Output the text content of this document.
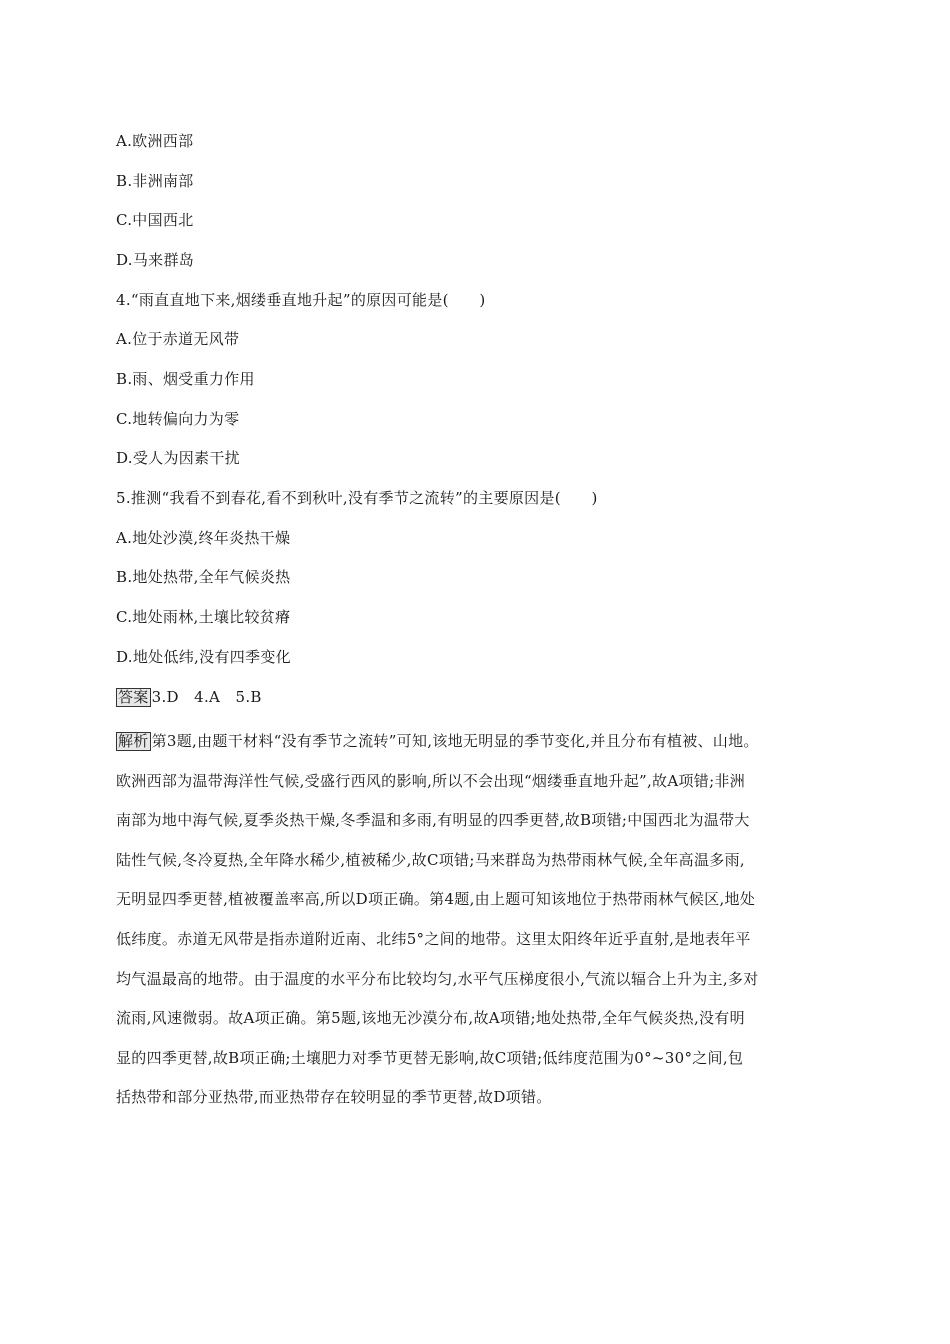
A.欧洲西部
B.非洲南部
C.中国西北
D.马来群岛
4.“雨直直地下来,烟缕垂直地升起”的原因可能是(　　)
A.位于赤道无风带
B.雨、烟受重力作用
C.地转偏向力为零
D.受人为因素干扰
5.推测“我看不到春花,看不到秋叶,没有季节之流转”的主要原因是(　　)
A.地处沙漠,终年炎热干燥
B.地处热带,全年气候炎热
C.地处雨林,土壤比较贫瘠
D.地处低纬,没有四季变化
答案 3.D　4.A　5.B

解析 第3题,由题干材料“没有季节之流转”可知,该地无明显的季节变化,并且分布有植被、山地。

欧洲西部为温带海洋性气候,受盛行西风的影响,所以不会出现“烟缕垂直地升起”,故A项错;非洲

南部为地中海气候,夏季炎热干燥,冬季温和多雨,有明显的四季更替,故B项错;中国西北为温带大

陆性气候,冬冷夏热,全年降水稀少,植被稀少,故C项错;马来群岛为热带雨林气候,全年高温多雨,

无明显四季更替,植被覆盖率高,所以D项正确。第4题,由上题可知该地位于热带雨林气候区,地处

低纬度。赤道无风带是指赤道附近南、北纬5°之间的地带。这里太阳终年近乎直射,是地表年平

均气温最高的地带。由于温度的水平分布比较均匀,水平气压梯度很小,气流以辐合上升为主,多对

流雨,风速微弱。故A项正确。第5题,该地无沙漠分布,故A项错;地处热带,全年气候炎热,没有明

显的四季更替,故B项正确;土壤肥力对季节更替无影响,故C项错;低纬度范围为0°~30°之间,包

括热带和部分亚热带,而亚热带存在较明显的季节更替,故D项错。
